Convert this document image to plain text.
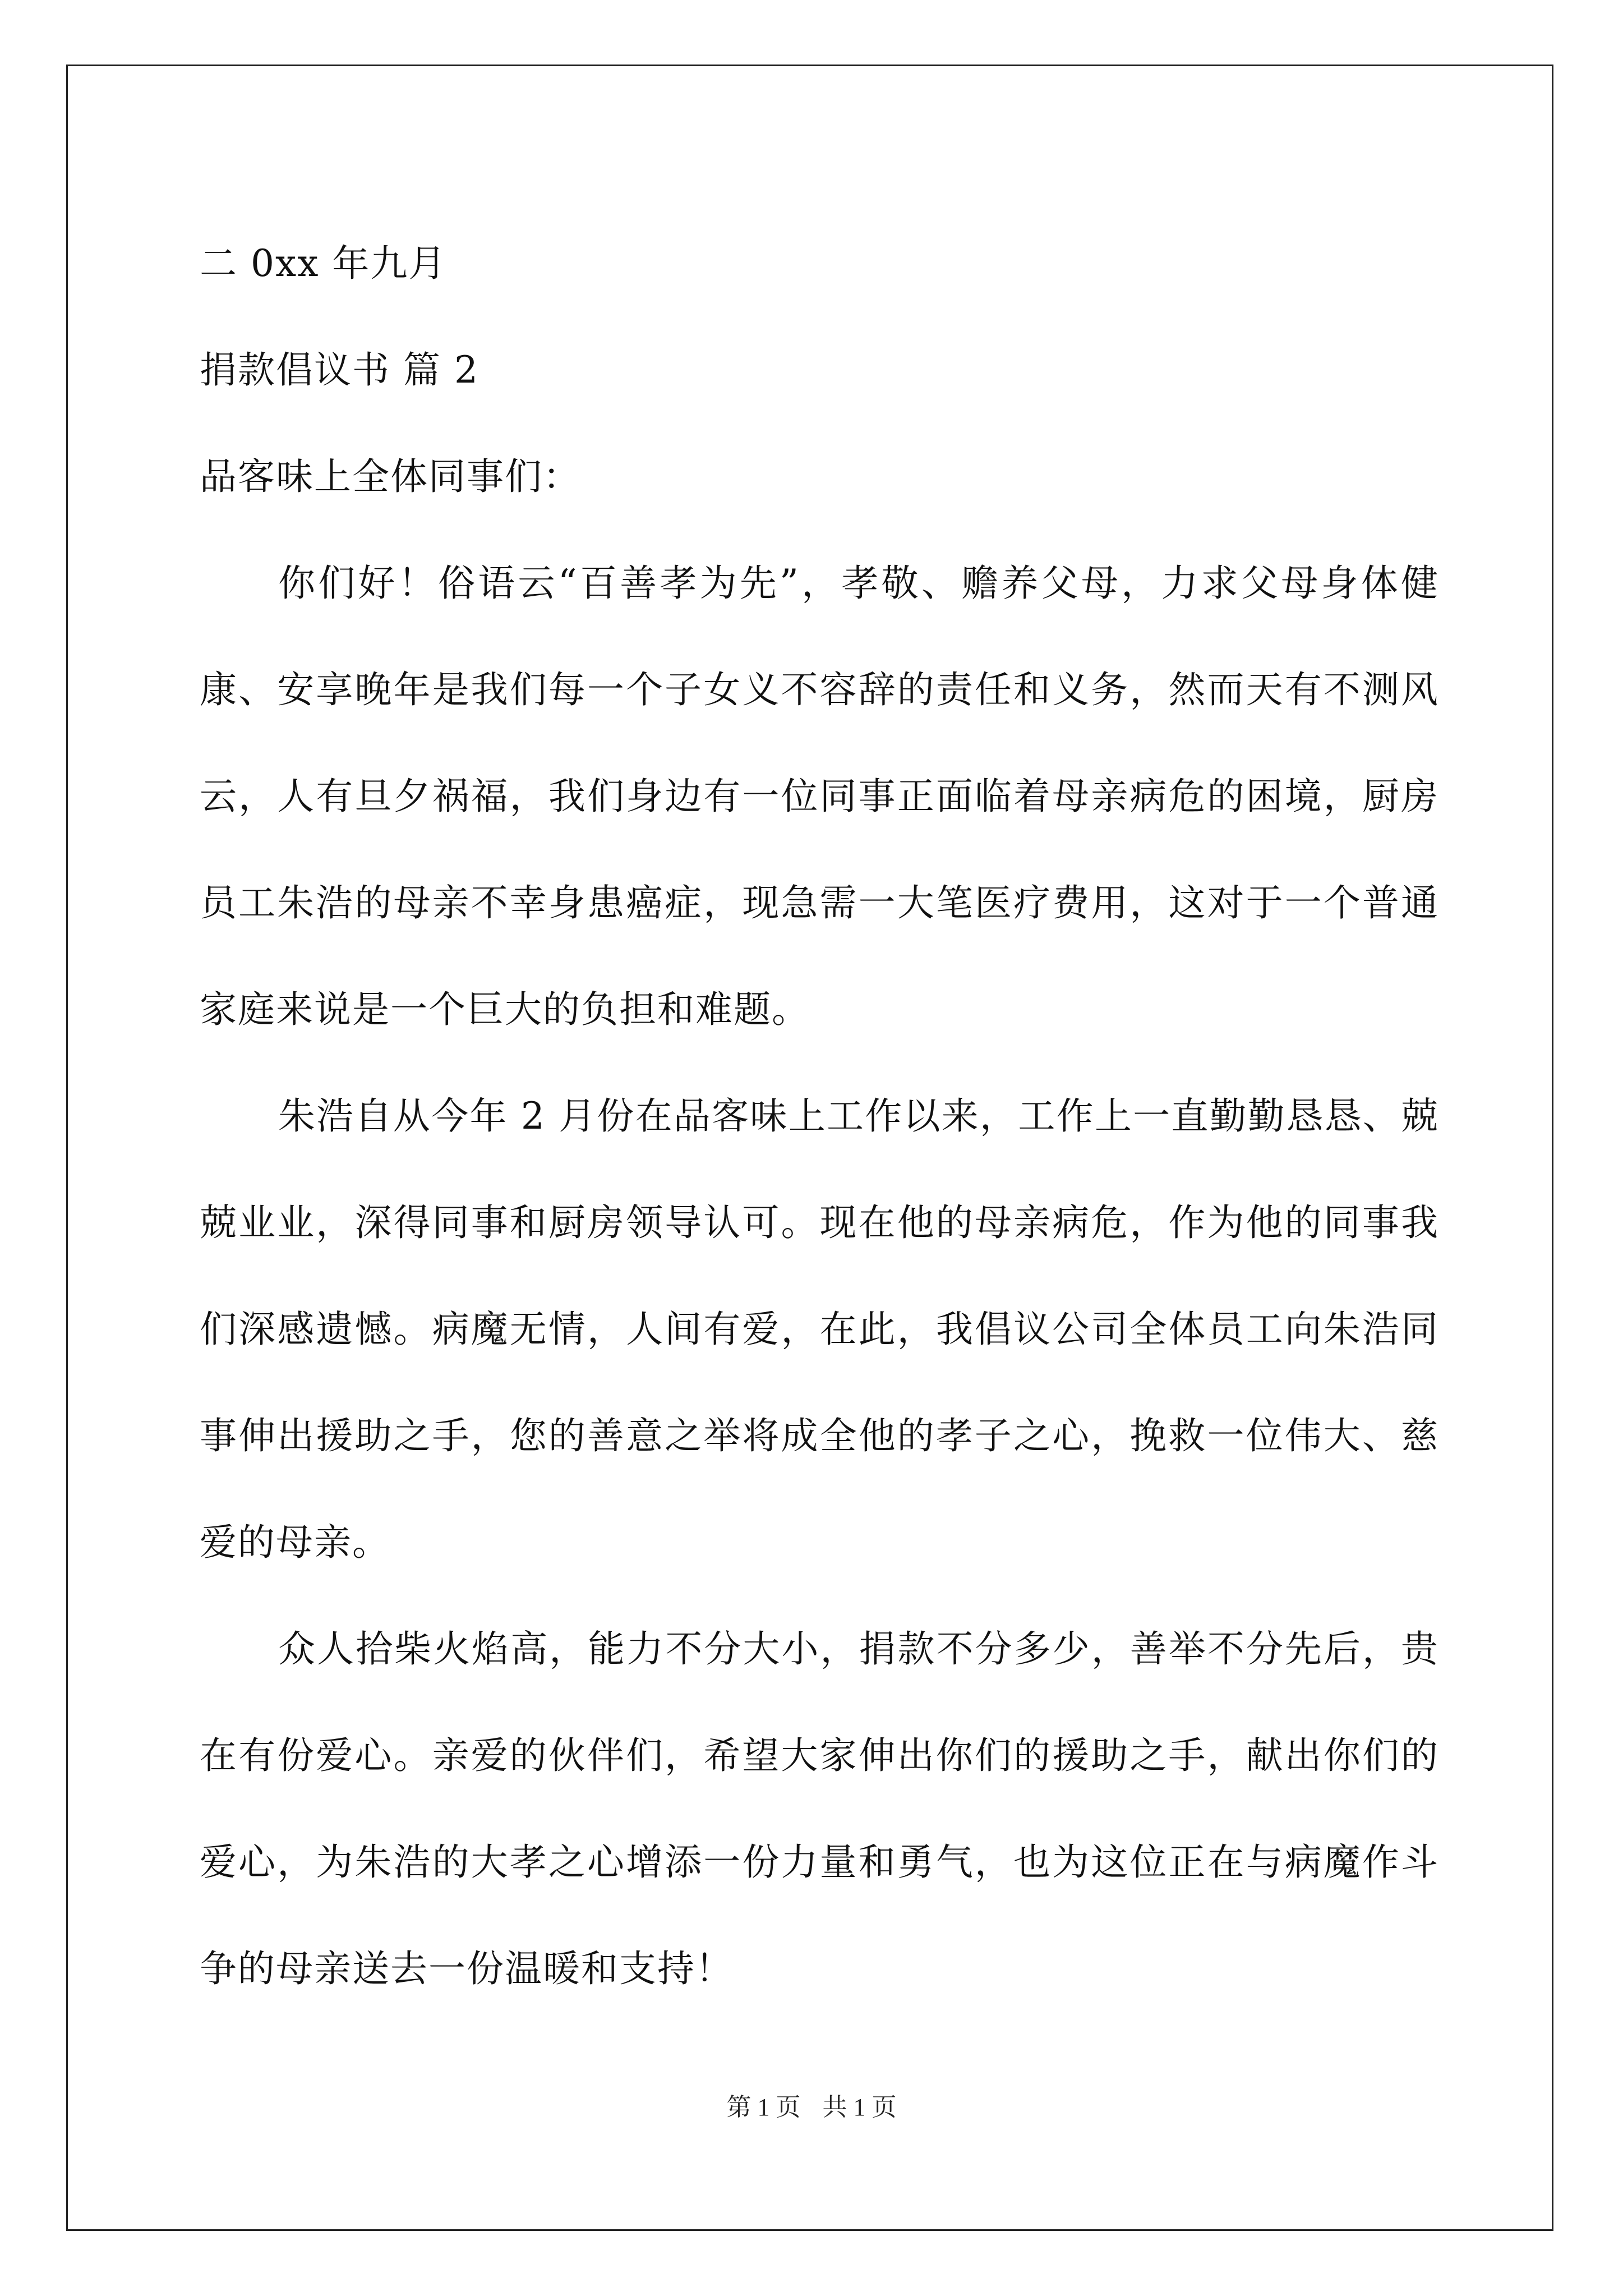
二 0xx 年九月
捐款倡议书 篇 2
品客味上全体同事们：

你们好！俗语云“百善孝为先”，孝敬、赡养父母，力求父母身体健康、安享晚年是我们每一个子女义不容辞的责任和义务，然而天有不测风云，人有旦夕祸福，我们身边有一位同事正面临着母亲病危的困境，厨房员工朱浩的母亲不幸身患癌症，现急需一大笔医疗费用，这对于一个普通家庭来说是一个巨大的负担和难题。

朱浩自从今年 2 月份在品客味上工作以来，工作上一直勤勤恳恳、兢兢业业，深得同事和厨房领导认可。现在他的母亲病危，作为他的同事我们深感遗憾。病魔无情，人间有爱，在此，我倡议公司全体员工向朱浩同事伸出援助之手，您的善意之举将成全他的孝子之心，挽救一位伟大、慈爱的母亲。

众人拾柴火焰高，能力不分大小，捐款不分多少，善举不分先后，贵在有份爱心。亲爱的伙伴们，希望大家伸出你们的援助之手，献出你们的爱心，为朱浩的大孝之心增添一份力量和勇气，也为这位正在与病魔作斗争的母亲送去一份温暖和支持！

第 1 页 共 1 页
